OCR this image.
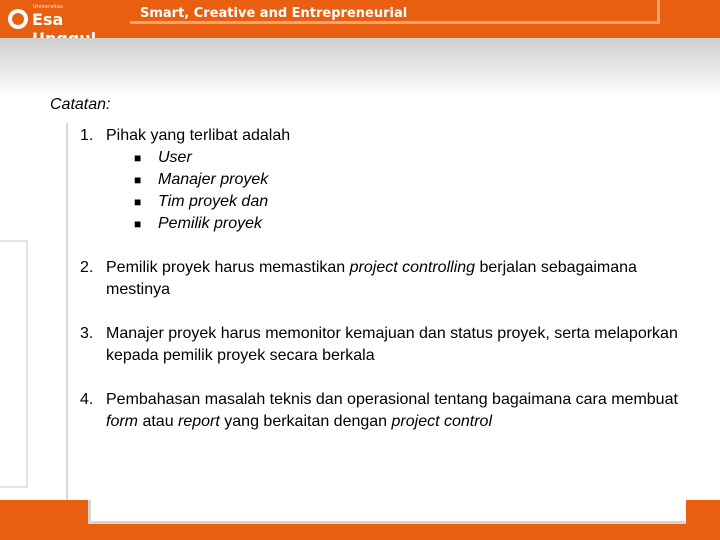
Universitas
Esa	Smart, Creative and Entrepreneurial

Catatan:

1. Pihak yang terlibat adalah
■ User
■ Manajer proyek
■ Tim proyek dan
■ Pemilik proyek
2. Pemilik proyek harus memastikan project controlling berjalan sebagaimana mestinya
3. Manajer proyek harus memonitor kemajuan dan status proyek, serta melaporkan kepada pemilik proyek secara berkala
4. Pembahasan masalah teknis dan operasional tentang bagaimana cara membuat form atau report yang berkaitan dengan project control
